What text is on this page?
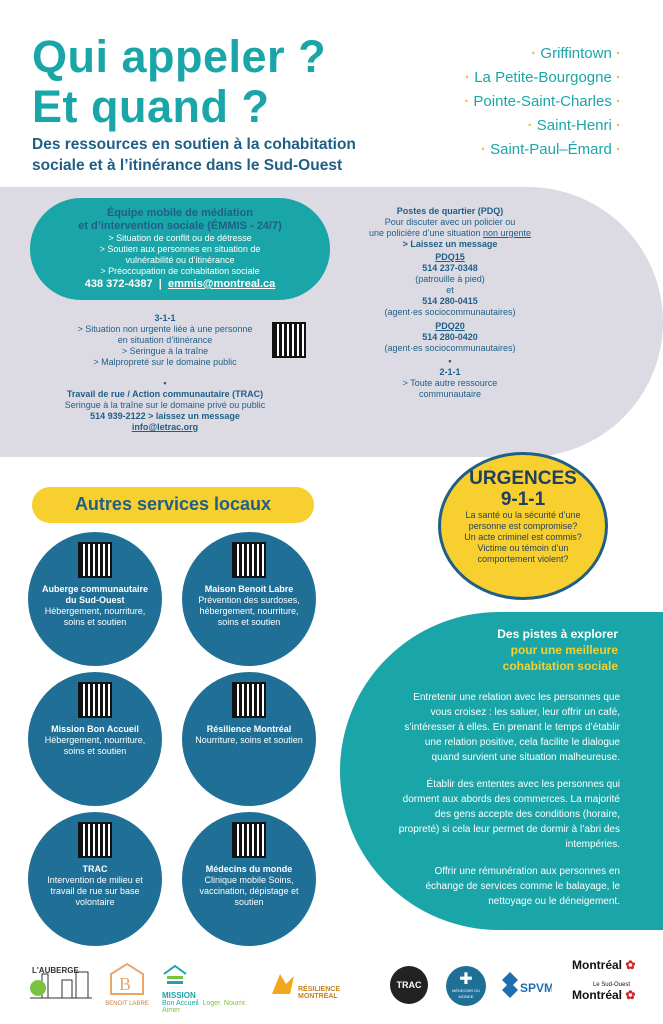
Qui appeler ?
Et quand ?
Des ressources en soutien à la cohabitation
sociale et à l’itinérance dans le Sud-Ouest
· Griffintown ·
· La Petite-Bourgogne ·
· Pointe-Saint-Charles ·
· Saint-Henri ·
· Saint-Paul–Émard ·
Équipe mobile de médiation
et d’intervention sociale (ÉMMIS - 24/7)
> Situation de conflit ou de détresse
> Soutien aux personnes en situation de
vulnérabilité ou d’itinérance
> Préoccupation de cohabitation sociale
438 372-4387 | emmis@montreal.ca
3-1-1
> Situation non urgente liée à une personne
en situation d’itinérance
> Seringue à la traîne
> Malpropreté sur le domaine public
•
Travail de rue / Action communautaire (TRAC)
Seringue à la traîne sur le domaine privé ou public
514 939-2122 > laissez un message
info@letrac.org
Postes de quartier (PDQ)
Pour discuter avec un policier ou
une policière d’une situation non urgente
> Laissez un message
PDQ15
514 237-0348
(patrouille à pied)
et
514 280-0415
(agent·es sociocommunautaires)
PDQ20
514 280-0420
(agent·es sociocommunautaires)
•
2-1-1
> Toute autre ressource
communautaire
URGENCES
9-1-1
La santé ou la sécurité d’une
personne est compromise?
Un acte criminel est commis?
Victime ou témoin d’un
comportement violent?
Autres services locaux
Auberge communautaire du Sud-Ouest
Hébergement, nourriture, soins et soutien
Maison Benoit Labre
Prévention des surdoses, hébergement, nourriture, soins et soutien
Mission Bon Accueil
Hébergement, nourriture, soins et soutien
Résilience Montréal
Nourriture, soins et soutien
TRAC
Intervention de milieu et travail de rue sur base volontaire
Médecins du monde
Clinique mobile Soins, vaccination, dépistage et soutien
Des pistes à explorer
pour une meilleure
cohabitation sociale

Entretenir une relation avec les personnes que vous croisez : les saluer, leur offrir un café, s’intéresser à elles. En prenant le temps d’établir une relation positive, cela facilite le dialogue quand survient une situation malheureuse.

Établir des ententes avec les personnes qui dorment aux abords des commerces. La majorité des gens accepte des conditions (horaire, propreté) si cela leur permet de dormir à l’abri des intempéries.

Offrir une rémunération aux personnes en échange de services comme le balayage, le nettoyage ou le déneigement.

L'AUBERGE
B
BENOIT LABRE
MISSION
Bon Accueil Loger. Nourrir. Aimer
RÉSILIENCE MONTRÉAL
TRAC	✚
MÉDECINS DU MONDE
SPVM
Montréal ✿
Le Sud-Ouest
Montréal ✿
